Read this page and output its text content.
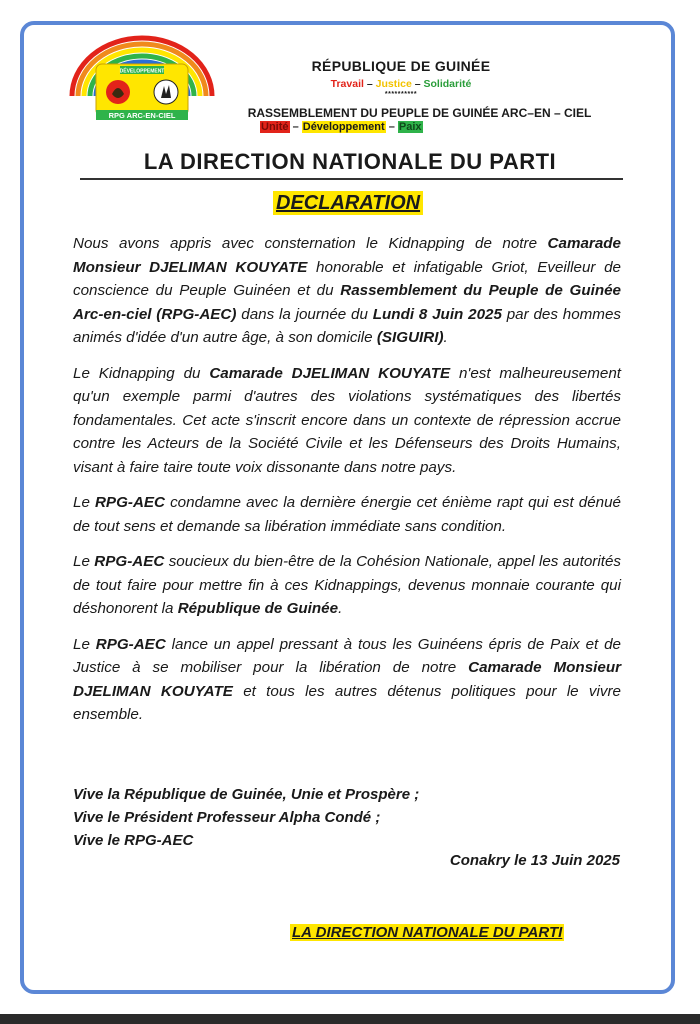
DÉVELOPPEMENT
RPG ARC-EN-CIEL
RÉPUBLIQUE DE GUINÉE
Travail – Justice – Solidarité
**********
RASSEMBLEMENT DU PEUPLE DE GUINÉE ARC–EN – CIEL
Unité – Développement – Paix
LA DIRECTION NATIONALE DU PARTI
DECLARATION

Nous avons appris avec consternation le Kidnapping de notre Camarade Monsieur DJELIMAN KOUYATE honorable et infatigable Griot, Eveilleur de conscience du Peuple Guinéen et du Rassemblement du Peuple de Guinée Arc-en-ciel (RPG-AEC) dans la journée du Lundi 8 Juin 2025 par des hommes animés d'idée d'un autre âge, à son domicile (SIGUIRI).

Le Kidnapping du Camarade DJELIMAN KOUYATE n'est malheureusement qu'un exemple parmi d'autres des violations systématiques des libertés fondamentales. Cet acte s'inscrit encore dans un contexte de répression accrue contre les Acteurs de la Société Civile et les Défenseurs des Droits Humains, visant à faire taire toute voix dissonante dans notre pays.

Le RPG-AEC condamne avec la dernière énergie cet énième rapt qui est dénué de tout sens et demande sa libération immédiate sans condition.

Le RPG-AEC soucieux du bien-être de la Cohésion Nationale, appel les autorités de tout faire pour mettre fin à ces Kidnappings, devenus monnaie courante qui déshonorent la République de Guinée.

Le RPG-AEC lance un appel pressant à tous les Guinéens épris de Paix et de Justice à se mobiliser pour la libération de notre Camarade Monsieur DJELIMAN KOUYATE et tous les autres détenus politiques pour le vivre ensemble.

Vive la République de Guinée, Unie et Prospère ;
Vive le Président Professeur Alpha Condé ;
Vive le RPG-AEC
Conakry le 13 Juin 2025
LA DIRECTION NATIONALE DU PARTI
